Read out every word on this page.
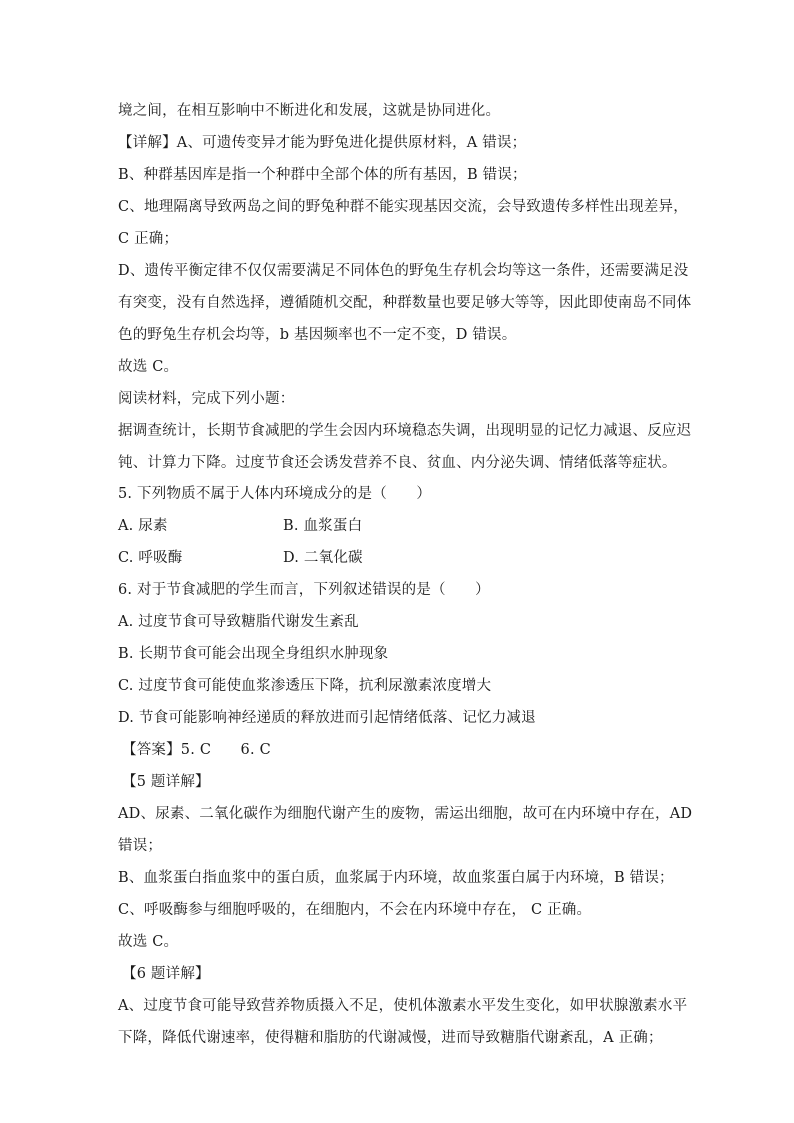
境之间，在相互影响中不断进化和发展，这就是协同进化。
【详解】A、可遗传变异才能为野兔进化提供原材料，A 错误；
B、种群基因库是指一个种群中全部个体的所有基因，B 错误；
C、地理隔离导致两岛之间的野兔种群不能实现基因交流，会导致遗传多样性出现差异，
C 正确；
D、遗传平衡定律不仅仅需要满足不同体色的野兔生存机会均等这一条件，还需要满足没
有突变，没有自然选择，遵循随机交配，种群数量也要足够大等等，因此即使南岛不同体
色的野兔生存机会均等，b 基因频率也不一定不变，D 错误。
故选 C。
阅读材料，完成下列小题：
据调查统计，长期节食减肥的学生会因内环境稳态失调，出现明显的记忆力减退、反应迟
钝、计算力下降。过度节食还会诱发营养不良、贫血、内分泌失调、情绪低落等症状。
5. 下列物质不属于人体内环境成分的是（　　）
A. 尿素	B. 血浆蛋白
C. 呼吸酶	D. 二氧化碳
6. 对于节食减肥的学生而言，下列叙述错误的是（　　）
A. 过度节食可导致糖脂代谢发生紊乱
B. 长期节食可能会出现全身组织水肿现象
C. 过度节食可能使血浆渗透压下降，抗利尿激素浓度增大
D. 节食可能影响神经递质的释放进而引起情绪低落、记忆力减退
【答案】5. C　　6. C
【5 题详解】
AD、尿素、二氧化碳作为细胞代谢产生的废物，需运出细胞，故可在内环境中存在，AD
错误；
B、血浆蛋白指血浆中的蛋白质，血浆属于内环境，故血浆蛋白属于内环境，B 错误；
C、呼吸酶参与细胞呼吸的，在细胞内，不会在内环境中存在， C 正确。
故选 C。
【6 题详解】
A、过度节食可能导致营养物质摄入不足，使机体激素水平发生变化，如甲状腺激素水平
下降，降低代谢速率，使得糖和脂肪的代谢减慢，进而导致糖脂代谢紊乱，A 正确；
